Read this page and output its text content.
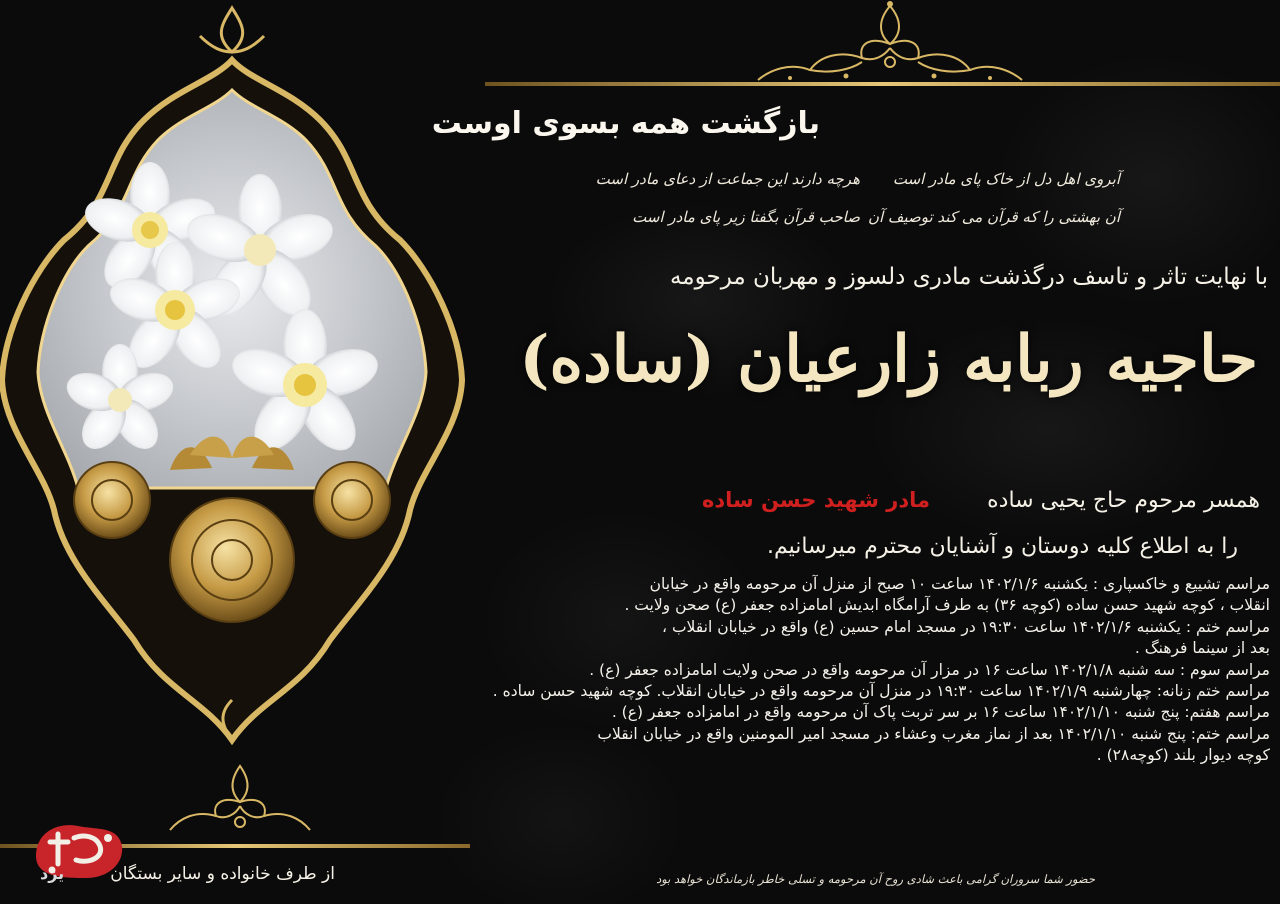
بازگشت همه بسوی اوست
آبروی اهل دل از خاک پای مادر است
هرچه دارند این جماعت از دعای مادر است
آن بهشتی را که قرآن می کند توصیف آن
صاحب قرآن بگفتا زیر پای مادر است
با نهایت تاثر و تاسف درگذشت مادری دلسوز و مهربان مرحومه
حاجیه ربابه زارعیان (ساده)
همسر مرحوم حاج یحیی ساده
مادر شهید حسن ساده
را به اطلاع کلیه دوستان و آشنایان محترم میرسانیم.
مراسم تشییع و خاکسپاری : یکشنبه ۱۴۰۲/۱/۶ ساعت ۱۰ صبح از منزل آن مرحومه واقع در خیابان
انقلاب ، کوچه شهید حسن ساده (کوچه ۳۶) به طرف آرامگاه ابدیش امامزاده جعفر (ع) صحن ولایت .
مراسم ختم : یکشنبه ۱۴۰۲/۱/۶ ساعت ۱۹:۳۰ در مسجد امام حسین (ع) واقع در خیابان انقلاب ،
بعد از سینما فرهنگ .
مراسم سوم : سه شنبه ۱۴۰۲/۱/۸ ساعت ۱۶ در مزار آن مرحومه واقع در صحن ولایت امامزاده جعفر (ع) .
مراسم ختم زنانه: چهارشنبه ۱۴۰۲/۱/۹ ساعت ۱۹:۳۰ در منزل آن مرحومه واقع در خیابان انقلاب. کوچه شهید حسن ساده .
مراسم هفتم: پنج شنبه ۱۴۰۲/۱/۱۰ ساعت ۱۶ بر سر تربت پاک آن مرحومه واقع در امامزاده جعفر (ع) .
مراسم ختم: پنج شنبه ۱۴۰۲/۱/۱۰ بعد از نماز مغرب وعشاء در مسجد امیر المومنین واقع در خیابان انقلاب
کوچه دیوار بلند (کوچه۲۸) .
حضور شما سروران گرامی باعث شادی روح آن مرحومه و تسلی خاطر بازماندگان خواهد بود
از طرف خانواده و سایر بستگان
یزد
